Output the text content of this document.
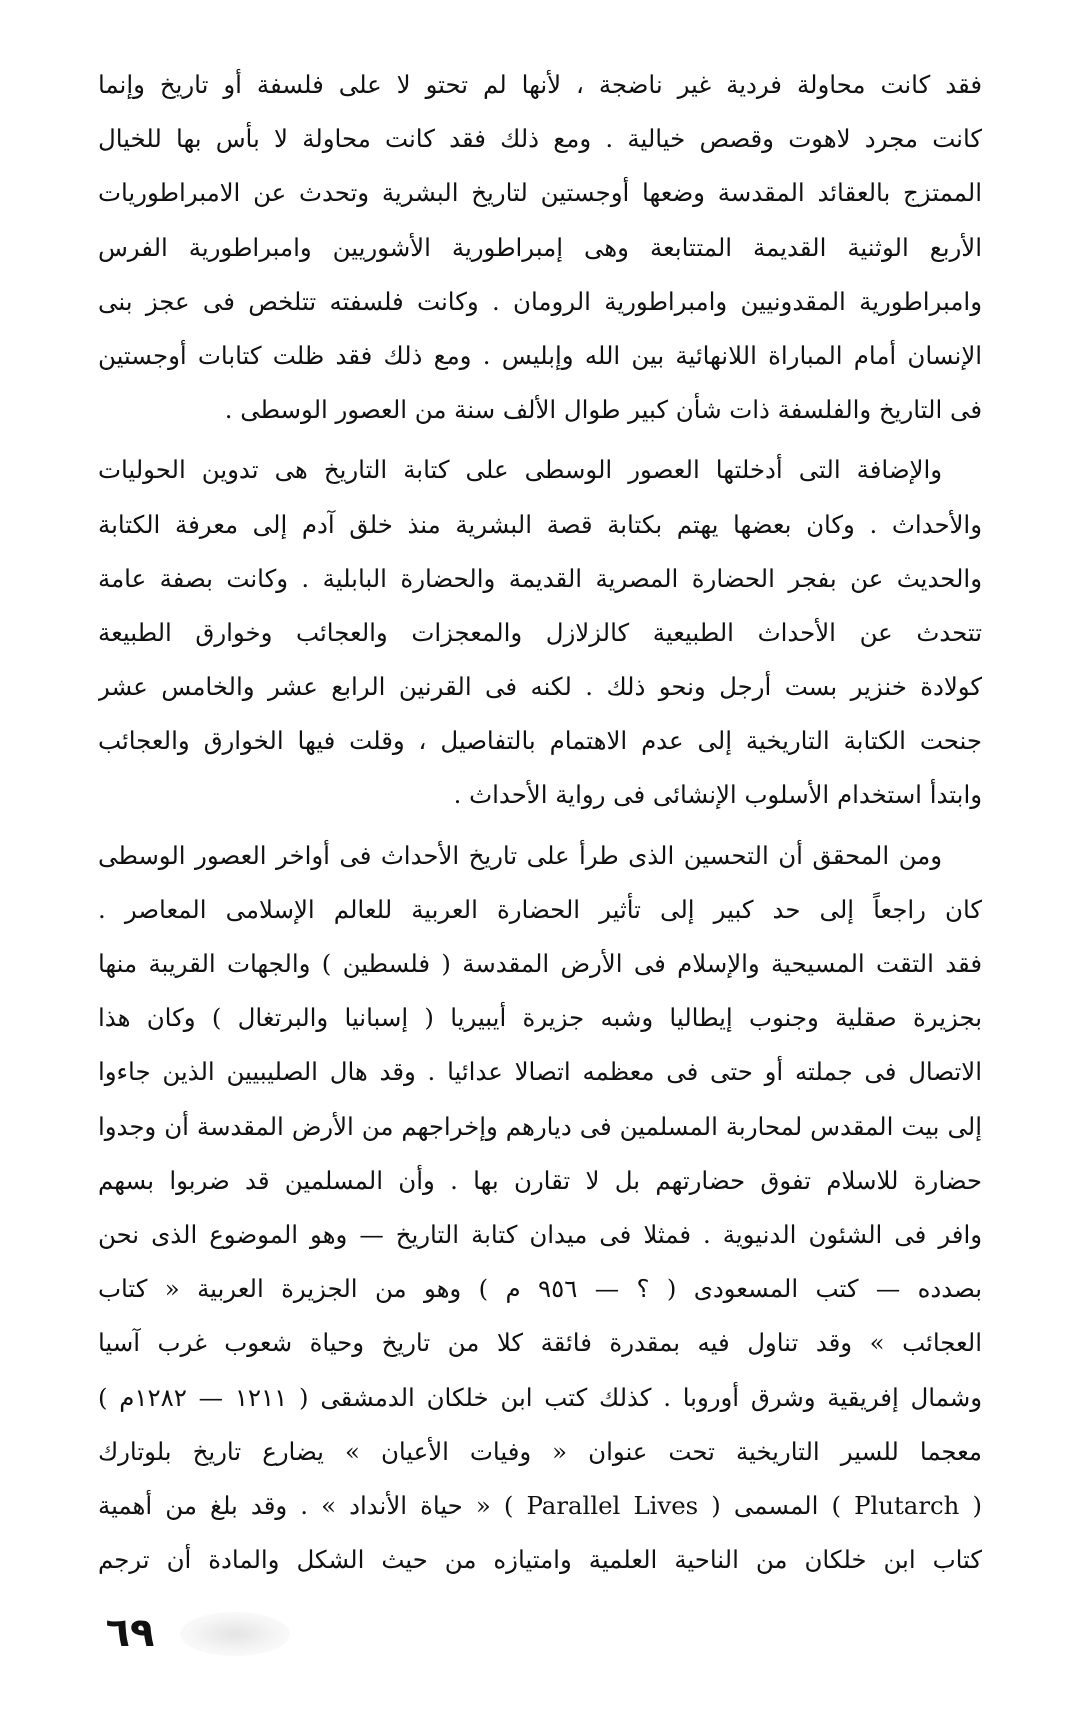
فقد كانت محاولة فردية غير ناضجة ، لأنها لم تحتو لا على فلسفة أو تاريخ وإنما
كانت مجرد لاهوت وقصص خيالية . ومع ذلك فقد كانت محاولة لا بأس بها للخيال
الممتزج بالعقائد المقدسة وضعها أوجستين لتاريخ البشرية وتحدث عن الامبراطوريات
الأربع الوثنية القديمة المتتابعة وهى إمبراطورية الأشوريين وامبراطورية الفرس
وامبراطورية المقدونيين وامبراطورية الرومان . وكانت فلسفته تتلخص فى عجز بنى
الإنسان أمام المباراة اللانهائية بين الله وإبليس . ومع ذلك فقد ظلت كتابات أوجستين
فى التاريخ والفلسفة ذات شأن كبير طوال الألف سنة من العصور الوسطى .
والإضافة التى أدخلتها العصور الوسطى على كتابة التاريخ هى تدوين الحوليات
والأحداث . وكان بعضها يهتم بكتابة قصة البشرية منذ خلق آدم إلى معرفة الكتابة
والحديث عن بفجر الحضارة المصرية القديمة والحضارة البابلية . وكانت بصفة عامة
تتحدث عن الأحداث الطبيعية كالزلازل والمعجزات والعجائب وخوارق الطبيعة
كولادة خنزير بست أرجل ونحو ذلك . لكنه فى القرنين الرابع عشر والخامس عشر
جنحت الكتابة التاريخية إلى عدم الاهتمام بالتفاصيل ، وقلت فيها الخوارق والعجائب
وابتدأ استخدام الأسلوب الإنشائى فى رواية الأحداث .
ومن المحقق أن التحسين الذى طرأ على تاريخ الأحداث فى أواخر العصور الوسطى
كان راجعاً إلى حد كبير إلى تأثير الحضارة العربية للعالم الإسلامى المعاصر .
فقد التقت المسيحية والإسلام فى الأرض المقدسة ( فلسطين ) والجهات القريبة منها
بجزيرة صقلية وجنوب إيطاليا وشبه جزيرة أيبيريا ( إسبانيا والبرتغال ) وكان هذا
الاتصال فى جملته أو حتى فى معظمه اتصالا عدائيا . وقد هال الصليبيين الذين جاءوا
إلى بيت المقدس لمحاربة المسلمين فى ديارهم وإخراجهم من الأرض المقدسة أن وجدوا
حضارة للاسلام تفوق حضارتهم بل لا تقارن بها . وأن المسلمين قد ضربوا بسهم
وافر فى الشئون الدنيوية . فمثلا فى ميدان كتابة التاريخ — وهو الموضوع الذى نحن
بصدده — كتب المسعودى ( ؟ — ٩٥٦ م ) وهو من الجزيرة العربية « كتاب
العجائب » وقد تناول فيه بمقدرة فائقة كلا من تاريخ وحياة شعوب غرب آسيا
وشمال إفريقية وشرق أوروبا . كذلك كتب ابن خلكان الدمشقى ( ١٢١١ — ١٢٨٢م )
معجما للسير التاريخية تحت عنوان « وفيات الأعيان » يضارع تاريخ بلوتارك
( Plutarch ) المسمى ( Parallel Lives ) « حياة الأنداد » . وقد بلغ من أهمية
كتاب ابن خلكان من الناحية العلمية وامتيازه من حيث الشكل والمادة أن ترجم
٦٩
